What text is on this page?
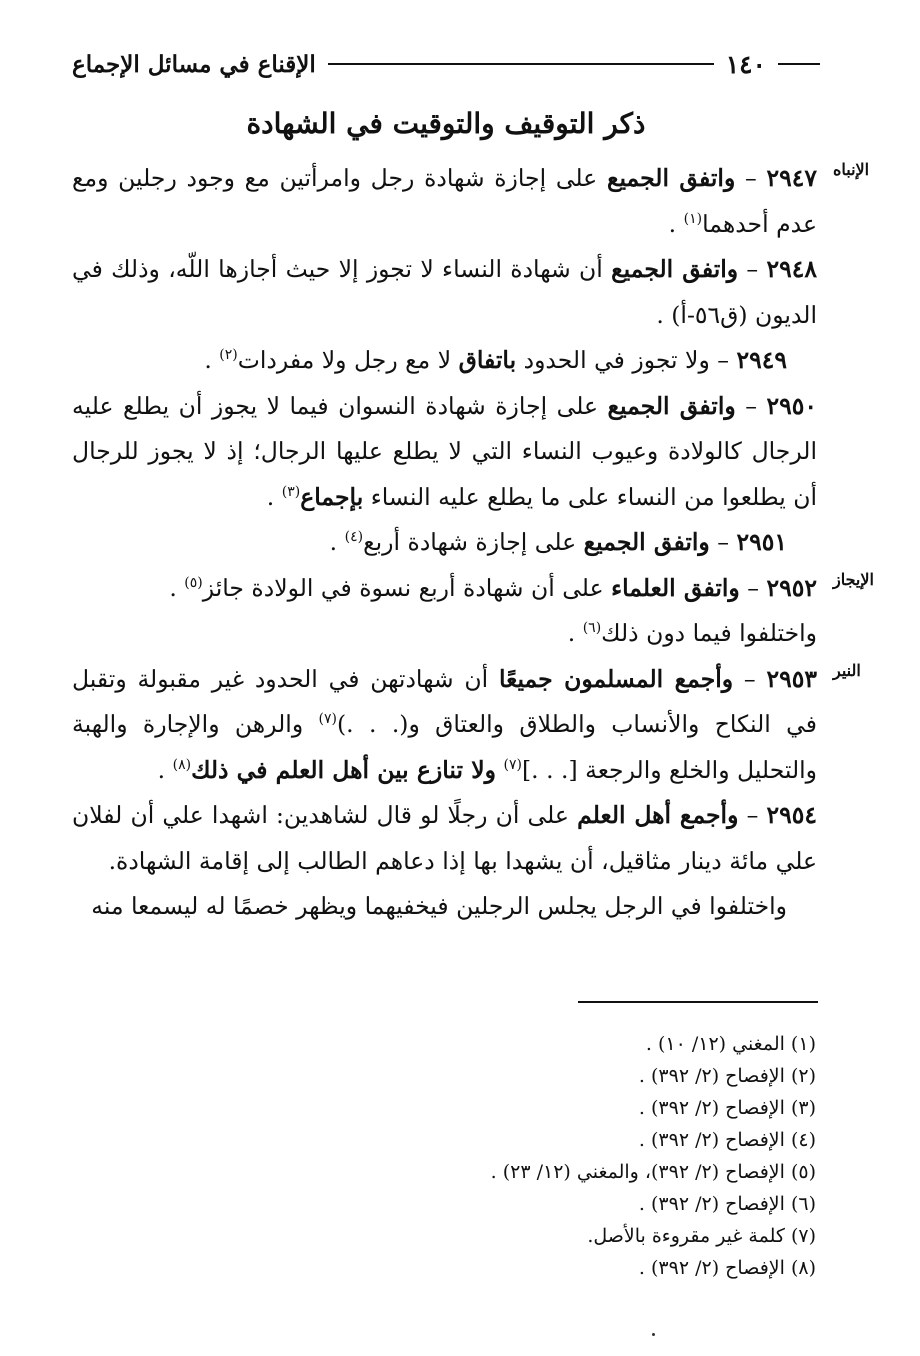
١٤٠
الإقناع في مسائل الإجماع
ذكر التوقيف والتوقيت في الشهادة
الإنباه

٢٩٤٧ – واتفق الجميع على إجازة شهادة رجل وامرأتين مع وجود رجلين ومع عدم أحدهما$^{(١)}$ .

٢٩٤٨ – واتفق الجميع أن شهادة النساء لا تجوز إلا حيث أجازها اللّه، وذلك في الديون (ق٥٦-أ) .

٢٩٤٩ – ولا تجوز في الحدود باتفاق لا مع رجل ولا مفردات$^{(٢)}$ .

٢٩٥٠ – واتفق الجميع على إجازة شهادة النسوان فيما لا يجوز أن يطلع عليه الرجال كالولادة وعيوب النساء التي لا يطلع عليها الرجال؛ إذ لا يجوز للرجال أن يطلعوا من النساء على ما يطلع عليه النساء بإجماع$^{(٣)}$ .

٢٩٥١ – واتفق الجميع على إجازة شهادة أربع$^{(٤)}$ .

الإيجاز

٢٩٥٢ – واتفق العلماء على أن شهادة أربع نسوة في الولادة جائز$^{(٥)}$ .

واختلفوا فيما دون ذلك$^{(٦)}$ .

النير

٢٩٥٣ – وأجمع المسلمون جميعًا أن شهادتهن في الحدود غير مقبولة وتقبل في النكاح والأنساب والطلاق والعتاق و(. . .)$^{(٧)}$ والرهن والإجارة والهبة والتحليل والخلع والرجعة [. . .]$^{(٧)}$ ولا تنازع بين أهل العلم في ذلك$^{(٨)}$ .

٢٩٥٤ – وأجمع أهل العلم على أن رجلًا لو قال لشاهدين: اشهدا علي أن لفلان علي مائة دينار مثاقيل، أن يشهدا بها إذا دعاهم الطالب إلى إقامة الشهادة.

واختلفوا في الرجل يجلس الرجلين فيخفيهما ويظهر خصمًا له ليسمعا منه

(١) المغني (١٢/ ١٠) .

(٢) الإفصاح (٢/ ٣٩٢) .

(٣) الإفصاح (٢/ ٣٩٢) .

(٤) الإفصاح (٢/ ٣٩٢) .

(٥) الإفصاح (٢/ ٣٩٢)، والمغني (١٢/ ٢٣) .

(٦) الإفصاح (٢/ ٣٩٢) .

(٧) كلمة غير مقروءة بالأصل.

(٨) الإفصاح (٢/ ٣٩٢) .
